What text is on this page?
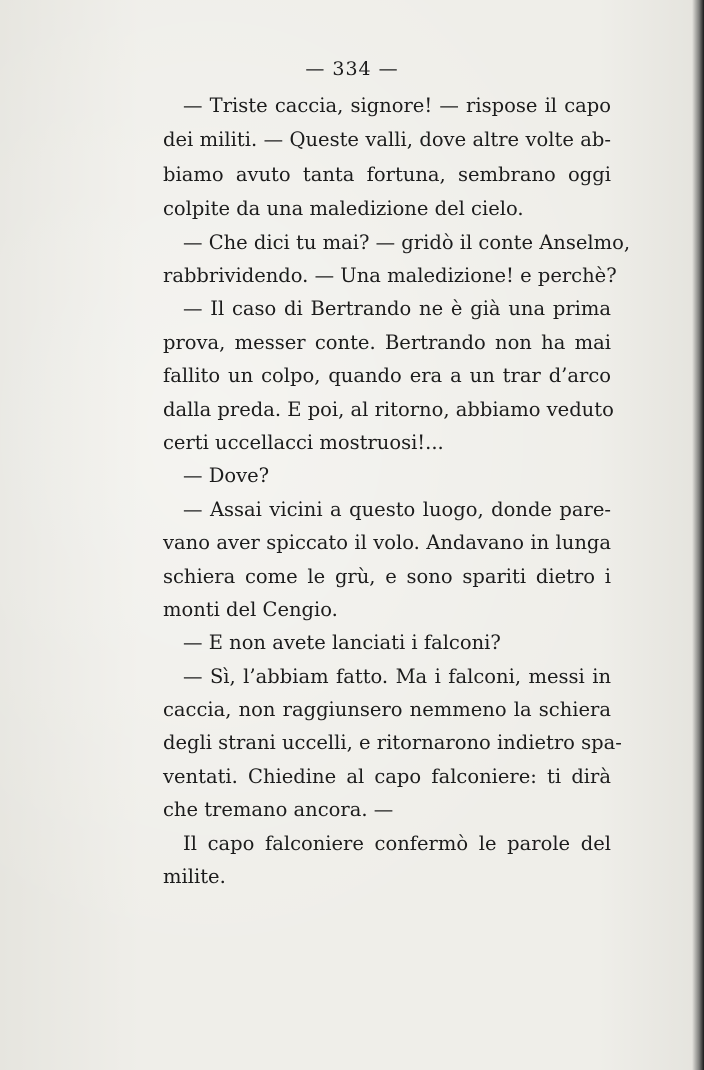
— 334 —
— Triste caccia, signore! — rispose il capo
dei militi. — Queste valli, dove altre volte ab-
biamo avuto tanta fortuna, sembrano oggi
colpite da una maledizione del cielo.
— Che dici tu mai? — gridò il conte Anselmo,
rabbrividendo. — Una maledizione! e perchè?
— Il caso di Bertrando ne è già una prima
prova, messer conte. Bertrando non ha mai
fallito un colpo, quando era a un trar d’arco
dalla preda. E poi, al ritorno, abbiamo veduto
certi uccellacci mostruosi!...
— Dove?
— Assai vicini a questo luogo, donde pare-
vano aver spiccato il volo. Andavano in lunga
schiera come le grù, e sono spariti dietro i
monti del Cengio.
— E non avete lanciati i falconi?
— Sì, l’abbiam fatto. Ma i falconi, messi in
caccia, non raggiunsero nemmeno la schiera
degli strani uccelli, e ritornarono indietro spa-
ventati. Chiedine al capo falconiere: ti dirà
che tremano ancora. —
Il capo falconiere confermò le parole del
milite.
